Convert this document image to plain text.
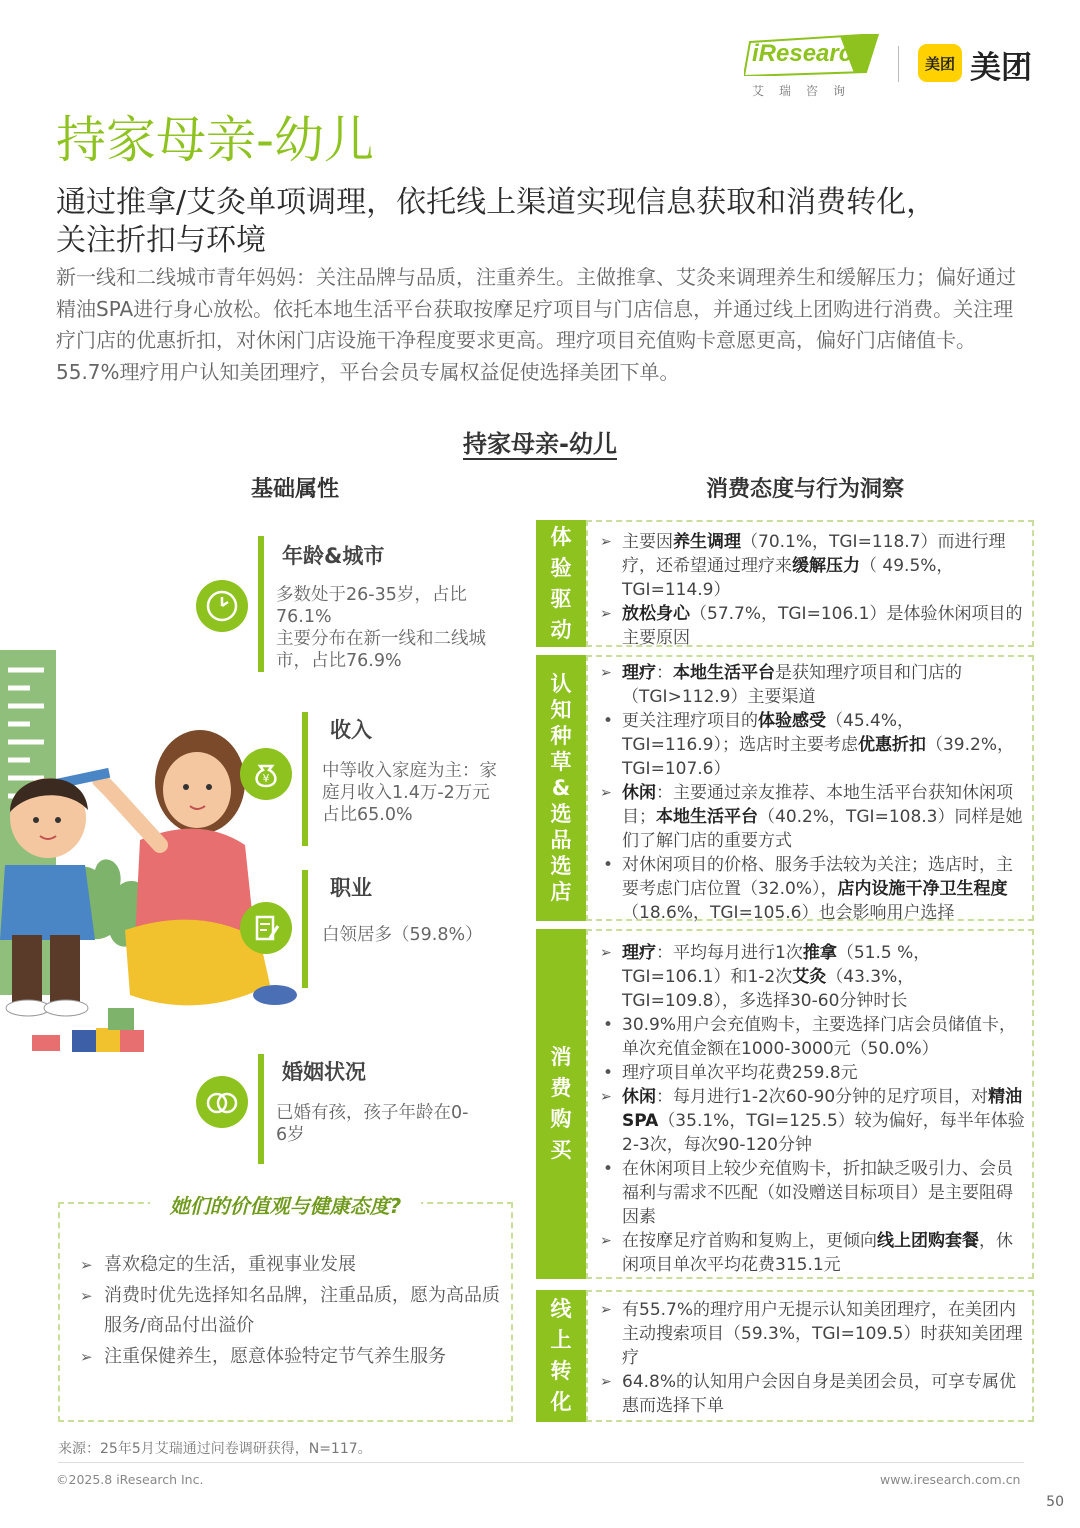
iResearch
艾瑞咨询
美团 美团
持家母亲-幼儿
通过推拿/艾灸单项调理，依托线上渠道实现信息获取和消费转化，
关注折扣与环境
新一线和二线城市青年妈妈：关注品牌与品质，注重养生。主做推拿、艾灸来调理养生和缓解压力；偏好通过精油SPA进行身心放松。依托本地生活平台获取按摩足疗项目与门店信息，并通过线上团购进行消费。关注理疗门店的优惠折扣，对休闲门店设施干净程度要求更高。理疗项目充值购卡意愿更高，偏好门店储值卡。55.7%理疗用户认知美团理疗，平台会员专属权益促使选择美团下单。
持家母亲-幼儿
基础属性	消费态度与行为洞察
年龄&城市
多数处于26-35岁，占比76.1%
主要分布在新一线和二线城市，占比76.9%
¥
收入
中等收入家庭为主：家庭月收入1.4万-2万元占比65.0%
职业
白领居多（59.8%）
婚姻状况
已婚有孩，孩子年龄在0-6岁
她们的价值观与健康态度?
➢ 喜欢稳定的生活，重视事业发展
➢ 消费时优先选择知名品牌，注重品质，愿为高品质服务/商品付出溢价
➢ 注重保健养生，愿意体验特定节气养生服务
体验驱动
➢ 主要因养生调理（70.1%，TGI=118.7）而进行理疗，还希望通过理疗来缓解压力（ 49.5%，TGI=114.9）
➢ 放松身心（57.7%，TGI=106.1）是体验休闲项目的主要原因
认知种草&选品选店
➢ 理疗：本地生活平台是获知理疗项目和门店的（TGI>112.9）主要渠道
• 更关注理疗项目的体验感受（45.4%，TGI=116.9）；选店时主要考虑优惠折扣（39.2%，TGI=107.6）
➢ 休闲：主要通过亲友推荐、本地生活平台获知休闲项目；本地生活平台（40.2%，TGI=108.3）同样是她们了解门店的重要方式
• 对休闲项目的价格、服务手法较为关注；选店时，主要考虑门店位置（32.0%），店内设施干净卫生程度（18.6%，TGI=105.6）也会影响用户选择
消费购买
➢ 理疗：平均每月进行1次推拿（51.5 %，TGI=106.1）和1-2次艾灸（43.3%，TGI=109.8），多选择30-60分钟时长
• 30.9%用户会充值购卡，主要选择门店会员储值卡，单次充值金额在1000-3000元（50.0%）
• 理疗项目单次平均花费259.8元
➢ 休闲：每月进行1-2次60-90分钟的足疗项目，对精油SPA（35.1%，TGI=125.5）较为偏好，每半年体验2-3次，每次90-120分钟
• 在休闲项目上较少充值购卡，折扣缺乏吸引力、会员福利与需求不匹配（如没赠送目标项目）是主要阻碍因素
➢ 在按摩足疗首购和复购上，更倾向线上团购套餐，休闲项目单次平均花费315.1元
线上转化
➢ 有55.7%的理疗用户无提示认知美团理疗，在美团内主动搜索项目（59.3%，TGI=109.5）时获知美团理疗
➢ 64.8%的认知用户会因自身是美团会员，可享专属优惠而选择下单
来源：25年5月艾瑞通过问卷调研获得，N=117。
©2025.8 iResearch Inc.	www.iresearch.com.cn
50
